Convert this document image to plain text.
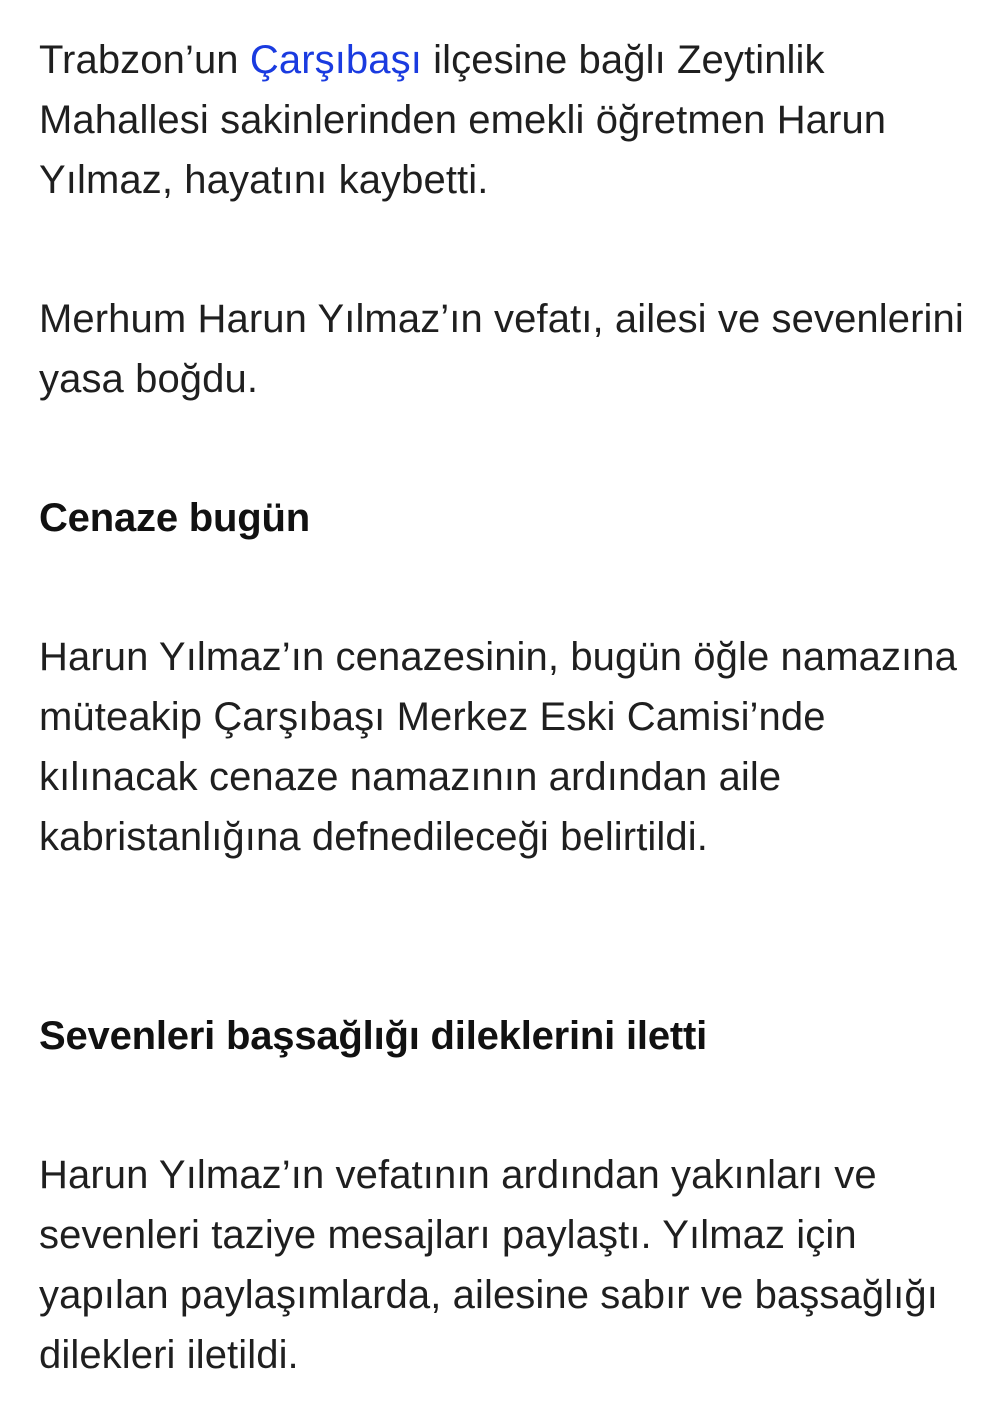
Trabzon’un Çarşıbaşı ilçesine bağlı Zeytinlik Mahallesi sakinlerinden emekli öğretmen Harun Yılmaz, hayatını kaybetti.

Merhum Harun Yılmaz’ın vefatı, ailesi ve sevenlerini yasa boğdu.

Cenaze bugün

Harun Yılmaz’ın cenazesinin, bugün öğle namazına müteakip Çarşıbaşı Merkez Eski Camisi’nde kılınacak cenaze namazının ardından aile kabristanlığına defnedileceği belirtildi.

Sevenleri başsağlığı dileklerini iletti

Harun Yılmaz’ın vefatının ardından yakınları ve sevenleri taziye mesajları paylaştı. Yılmaz için yapılan paylaşımlarda, ailesine sabır ve başsağlığı dilekleri iletildi.
